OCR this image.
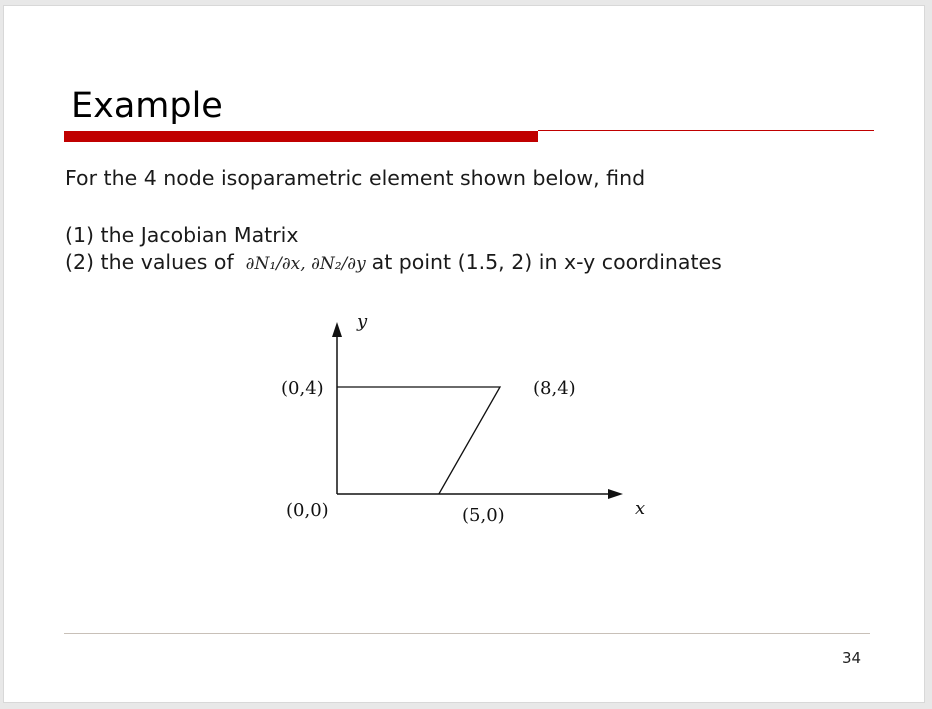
Example
For the 4 node isoparametric element shown below, find
(1) the Jacobian Matrix
(2) the values of ∂N₁/∂x, ∂N₂/∂y at point (1.5, 2) in x-y coordinates
y
x
(0,4)	(8,4)
(0,0)	(5,0)
34
